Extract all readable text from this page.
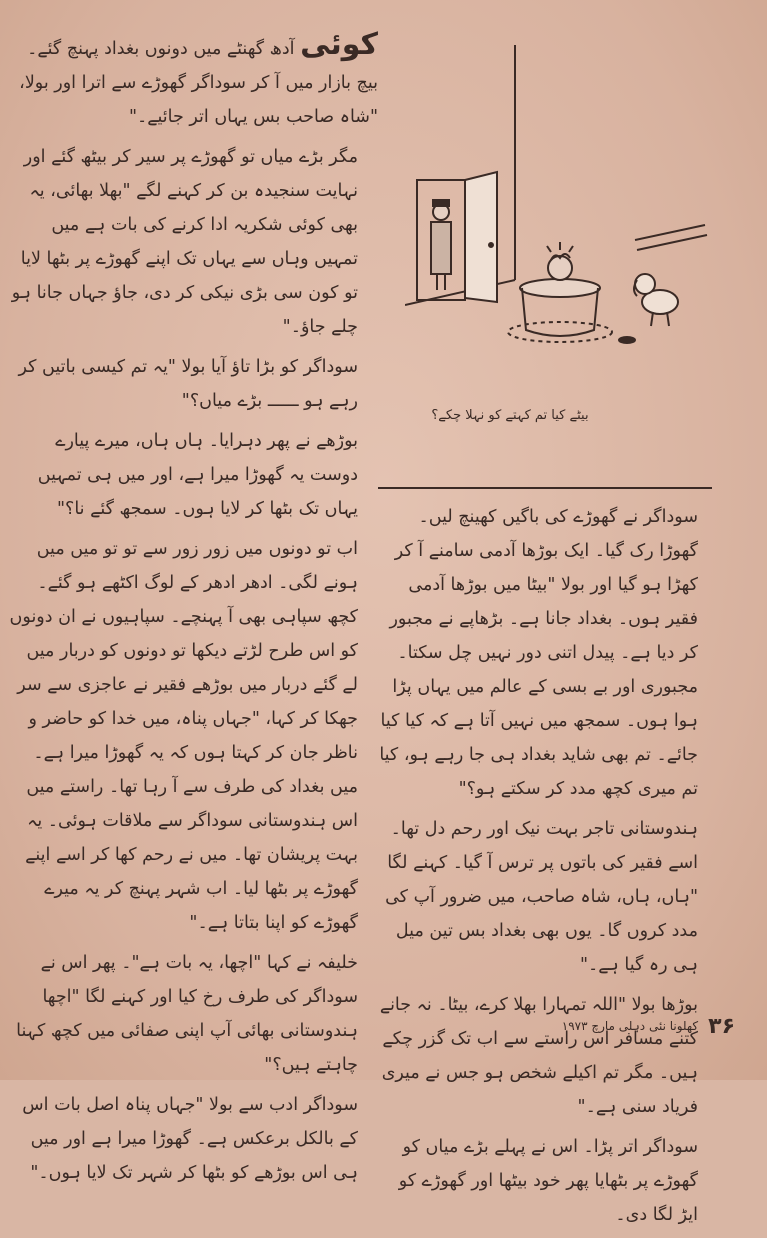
کوئی آدھ گھنٹے میں دونوں بغداد پہنچ گئے۔ بیچ بازار میں آ کر سوداگر گھوڑے سے اترا اور بولا، "شاہ صاحب بس یہاں اتر جائیے۔"

مگر بڑے میاں تو گھوڑے پر سیر کر بیٹھ گئے اور نہایت سنجیدہ بن کر کہنے لگے "بھلا بھائی، یہ بھی کوئی شکریہ ادا کرنے کی بات ہے میں تمہیں وہاں سے یہاں تک اپنے گھوڑے پر بٹھا لایا تو کون سی بڑی نیکی کر دی، جاؤ جہاں جانا ہو چلے جاؤ۔"

سوداگر کو بڑا تاؤ آیا بولا "یہ تم کیسی باتیں کر رہے ہو ــــــ بڑے میاں؟"

بوڑھے نے پھر دہرایا۔ ہاں ہاں، میرے پیارے دوست یہ گھوڑا میرا ہے، اور میں ہی تمہیں یہاں تک بٹھا کر لایا ہوں۔ سمجھ گئے نا؟"

اب تو دونوں میں زور زور سے تو تو میں میں ہونے لگی۔ ادھر ادھر کے لوگ اکٹھے ہو گئے۔ کچھ سپاہی بھی آ پہنچے۔ سپاہیوں نے ان دونوں کو اس طرح لڑتے دیکھا تو دونوں کو دربار میں لے گئے دربار میں بوڑھے فقیر نے عاجزی سے سر جھکا کر کہا، "جہاں پناہ، میں خدا کو حاضر و ناظر جان کر کہتا ہوں کہ یہ گھوڑا میرا ہے۔ میں بغداد کی طرف سے آ رہا تھا۔ راستے میں اس ہندوستانی سوداگر سے ملاقات ہوئی۔ یہ بہت پریشان تھا۔ میں نے رحم کھا کر اسے اپنے گھوڑے پر بٹھا لیا۔ اب شہر پہنچ کر یہ میرے گھوڑے کو اپنا بتاتا ہے۔"

خلیفہ نے کہا "اچھا، یہ بات ہے"۔ پھر اس نے سوداگر کی طرف رخ کیا اور کہنے لگا "اچھا ہندوستانی بھائی آپ اپنی صفائی میں کچھ کہنا چاہتے ہیں؟"

سوداگر ادب سے بولا "جہاں پناہ اصل بات اس کے بالکل برعکس ہے۔ گھوڑا میرا ہے اور میں ہی اس بوڑھے کو بٹھا کر شہر تک لایا ہوں۔"

بیٹے کیا تم کہتے کو نہلا چکے؟

سوداگر نے گھوڑے کی باگیں کھینچ لیں۔ گھوڑا رک گیا۔ ایک بوڑھا آدمی سامنے آ کر کھڑا ہو گیا اور بولا "بیٹا میں بوڑھا آدمی فقیر ہوں۔ بغداد جانا ہے۔ بڑھاپے نے مجبور کر دیا ہے۔ پیدل اتنی دور نہیں چل سکتا۔ مجبوری اور بے بسی کے عالم میں یہاں پڑا ہوا ہوں۔ سمجھ میں نہیں آتا ہے کہ کیا کیا جائے۔ تم بھی شاید بغداد ہی جا رہے ہو، کیا تم میری کچھ مدد کر سکتے ہو؟"

ہندوستانی تاجر بہت نیک اور رحم دل تھا۔ اسے فقیر کی باتوں پر ترس آ گیا۔ کہنے لگا "ہاں، ہاں، شاہ صاحب، میں ضرور آپ کی مدد کروں گا۔ یوں بھی بغداد بس تین میل ہی رہ گیا ہے۔"

بوڑھا بولا "اللہ تمہارا بھلا کرے، بیٹا۔ نہ جانے کتنے مسافر اس راستے سے اب تک گزر چکے ہیں۔ مگر تم اکیلے شخص ہو جس نے میری فریاد سنی ہے۔"

سوداگر اتر پڑا۔ اس نے پہلے بڑے میاں کو گھوڑے پر بٹھایا پھر خود بیٹھا اور گھوڑے کو ایڑ لگا دی۔

۳۶
کھلونا نئی دہلی مارچ ۱۹۷۳
